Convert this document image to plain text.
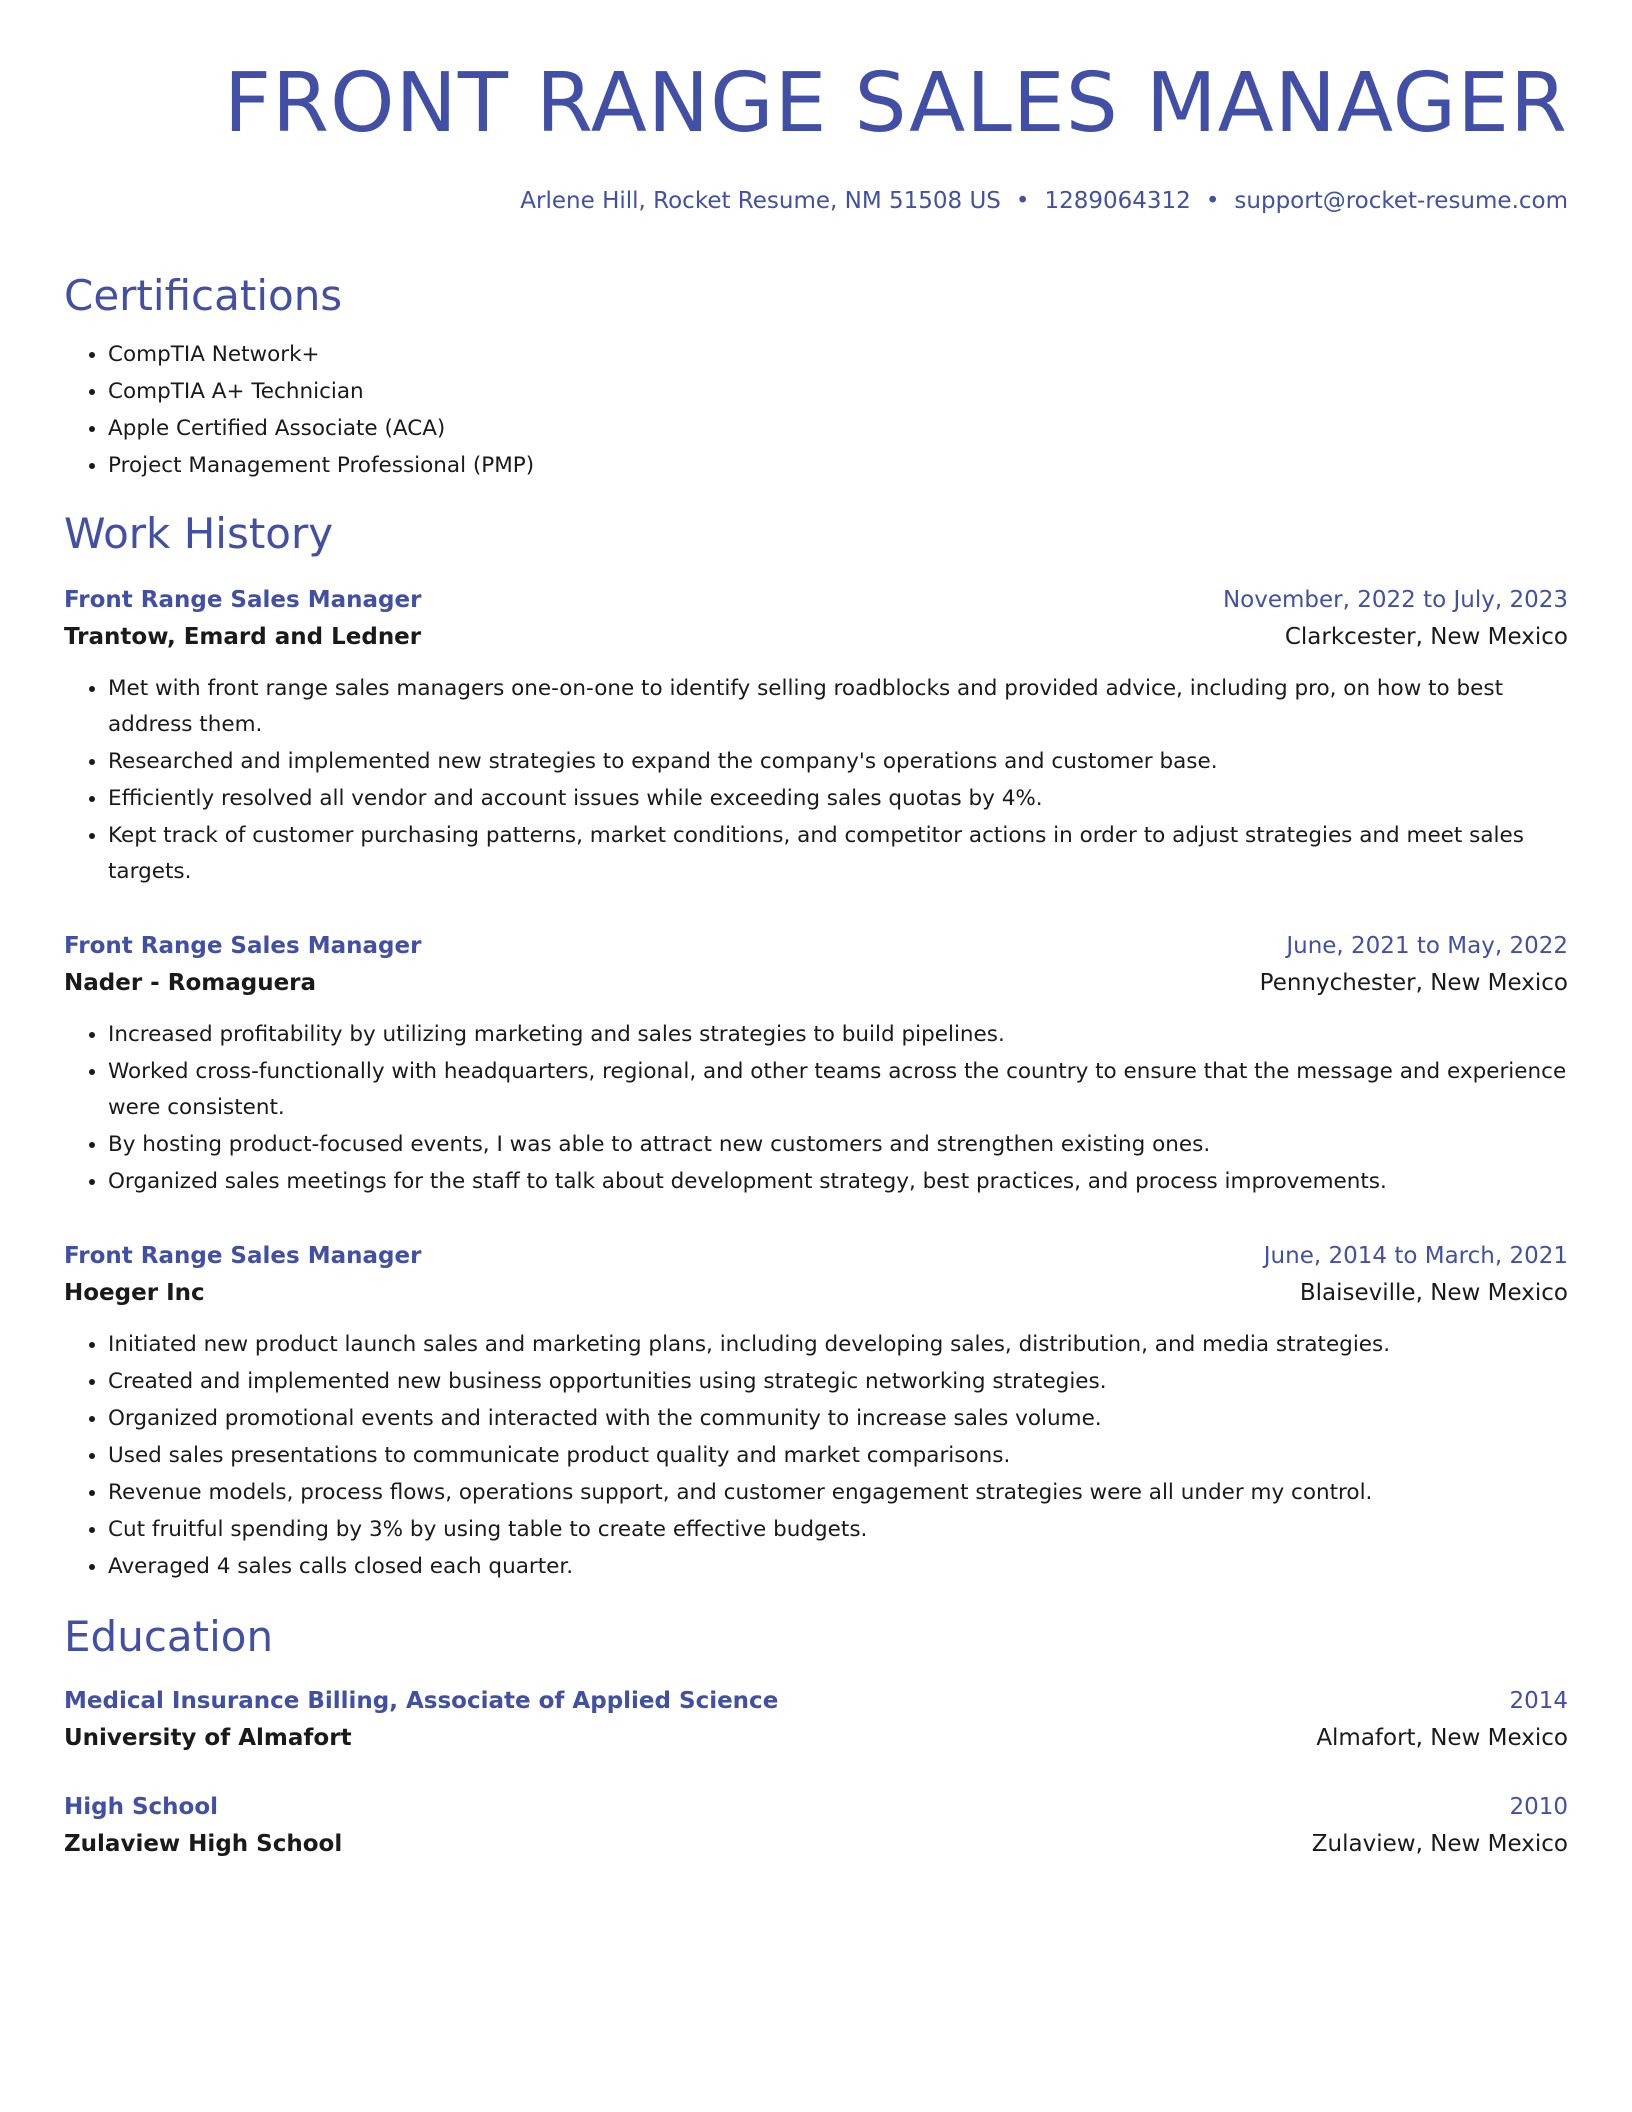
FRONT RANGE SALES MANAGER
Arlene Hill, Rocket Resume, NM 51508 US • 1289064312 • support@rocket-resume.com
Certifications
• CompTIA Network+
• CompTIA A+ Technician
• Apple Certified Associate (ACA)
• Project Management Professional (PMP)
Work History
Front Range Sales Manager	November, 2022 to July, 2023
Trantow, Emard and Ledner	Clarkcester, New Mexico
• Met with front range sales managers one-on-one to identify selling roadblocks and provided advice, including pro, on how to best address them.
• Researched and implemented new strategies to expand the company's operations and customer base.
• Efficiently resolved all vendor and account issues while exceeding sales quotas by 4%.
• Kept track of customer purchasing patterns, market conditions, and competitor actions in order to adjust strategies and meet sales targets.
Front Range Sales Manager	June, 2021 to May, 2022
Nader - Romaguera	Pennychester, New Mexico
• Increased profitability by utilizing marketing and sales strategies to build pipelines.
• Worked cross-functionally with headquarters, regional, and other teams across the country to ensure that the message and experience were consistent.
• By hosting product-focused events, I was able to attract new customers and strengthen existing ones.
• Organized sales meetings for the staff to talk about development strategy, best practices, and process improvements.
Front Range Sales Manager	June, 2014 to March, 2021
Hoeger Inc	Blaiseville, New Mexico
• Initiated new product launch sales and marketing plans, including developing sales, distribution, and media strategies.
• Created and implemented new business opportunities using strategic networking strategies.
• Organized promotional events and interacted with the community to increase sales volume.
• Used sales presentations to communicate product quality and market comparisons.
• Revenue models, process flows, operations support, and customer engagement strategies were all under my control.
• Cut fruitful spending by 3% by using table to create effective budgets.
• Averaged 4 sales calls closed each quarter.
Education
Medical Insurance Billing, Associate of Applied Science	2014
University of Almafort	Almafort, New Mexico
High School	2010
Zulaview High School	Zulaview, New Mexico
